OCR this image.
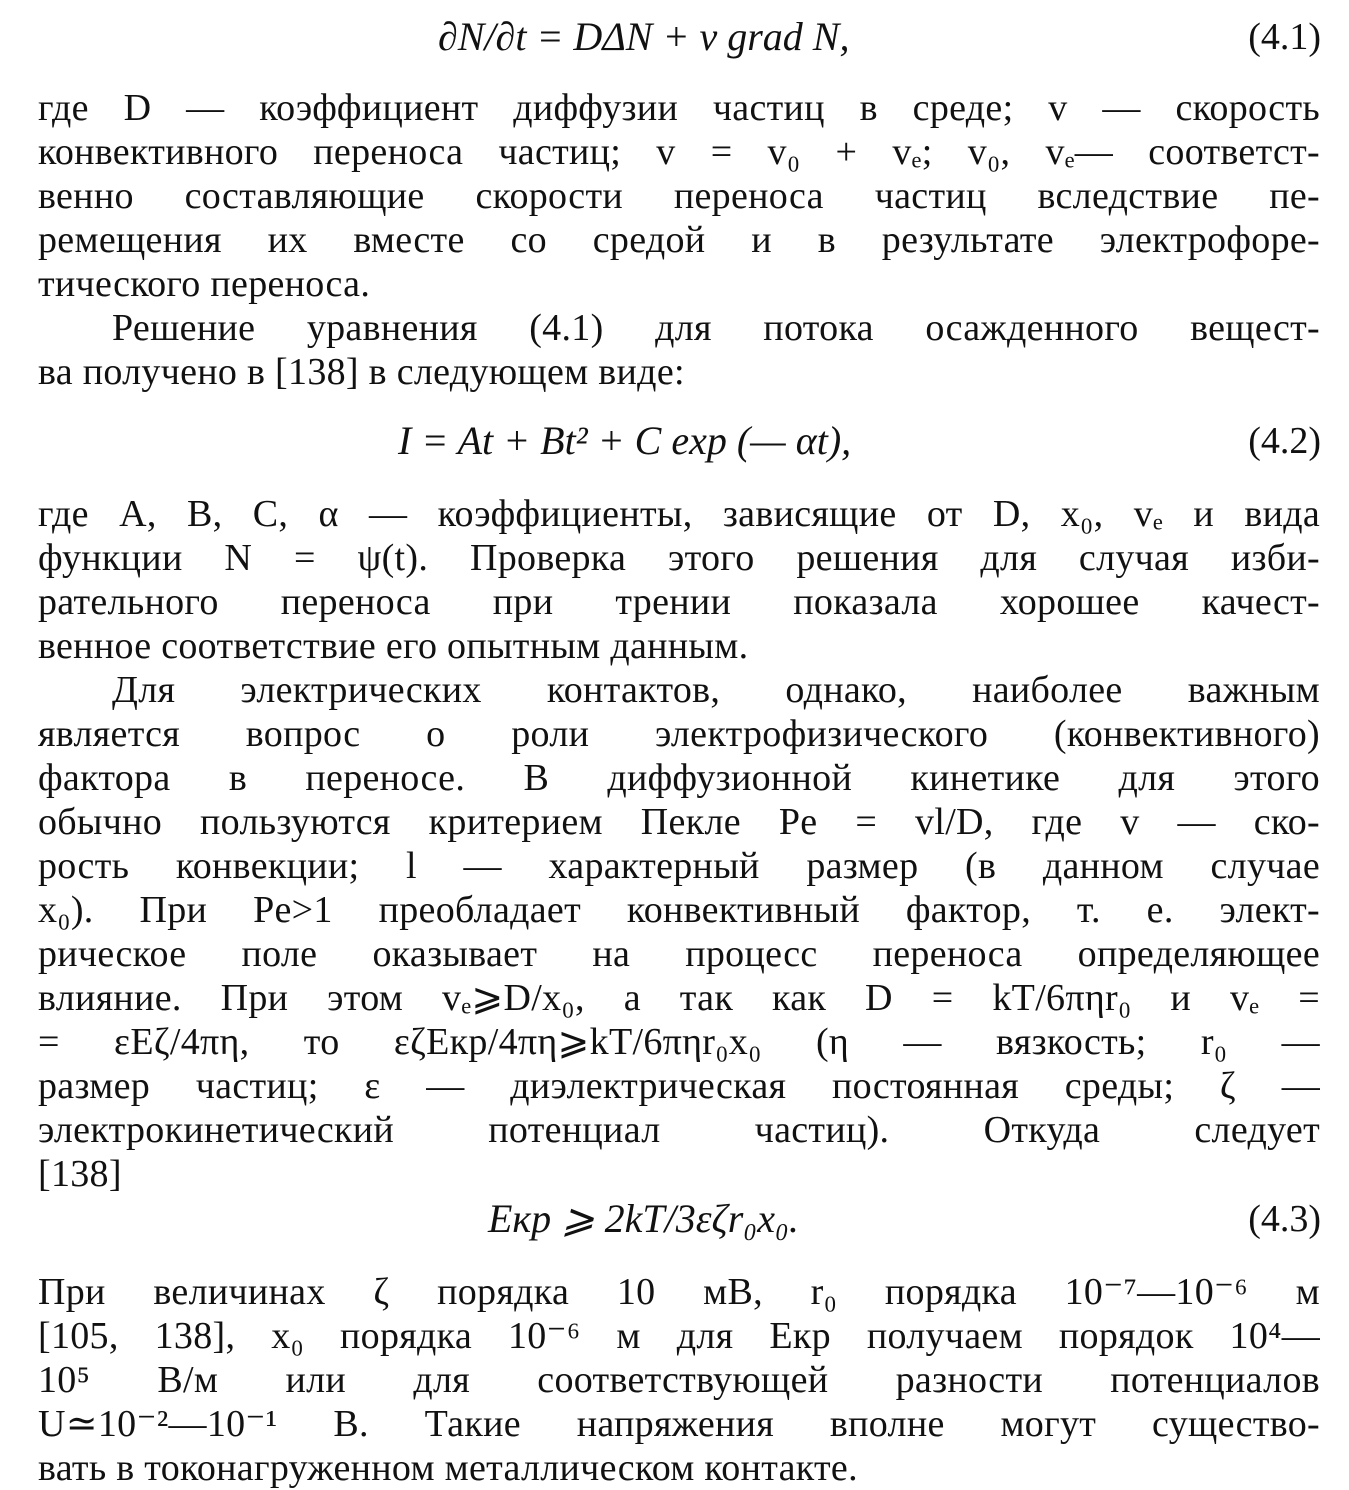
∂N/∂t = DΔN + v grad N,	(4.1)
где D — коэффициент диффузии частиц в среде; v — скорость
конвективного переноса частиц; v = v₀ + vₑ; v₀, vₑ— соответст-
венно составляющие скорости переноса частиц вследствие пе-
ремещения их вместе со средой и в результате электрофоре-
тического переноса.
Решение уравнения (4.1) для потока осажденного вещест-
ва получено в [138] в следующем виде:
I = At + Bt² + C exp (— αt),	(4.2)
где A, B, C, α — коэффициенты, зависящие от D, x₀, vₑ и вида
функции N = ψ(t). Проверка этого решения для случая изби-
рательного переноса при трении показала хорошее качест-
венное соответствие его опытным данным.
Для электрических контактов, однако, наиболее важным
является вопрос о роли электрофизического (конвективного)
фактора в переносе. В диффузионной кинетике для этого
обычно пользуются критерием Пекле Pe = vl/D, где v — ско-
рость конвекции; l — характерный размер (в данном случае
x₀). При Pe>1 преобладает конвективный фактор, т. е. элект-
рическое поле оказывает на процесс переноса определяющее
влияние. При этом vₑ⩾D/x₀, а так как D = kT/6πηr₀ и vₑ =
= εEζ/4πη, то εζEкр/4πη⩾kT/6πηr₀x₀ (η — вязкость; r₀ —
размер частиц; ε — диэлектрическая постоянная среды; ζ —
электрокинетический потенциал частиц). Откуда следует
[138]
Eкр ⩾ 2kT/3εζr₀x₀.	(4.3)
При величинах ζ порядка 10 мВ, r₀ порядка 10⁻⁷—10⁻⁶ м
[105, 138], x₀ порядка 10⁻⁶ м для Eкр получаем порядок 10⁴—
10⁵ В/м или для соответствующей разности потенциалов
U≃10⁻²—10⁻¹ В. Такие напряжения вполне могут существо-
вать в токонагруженном металлическом контакте.
